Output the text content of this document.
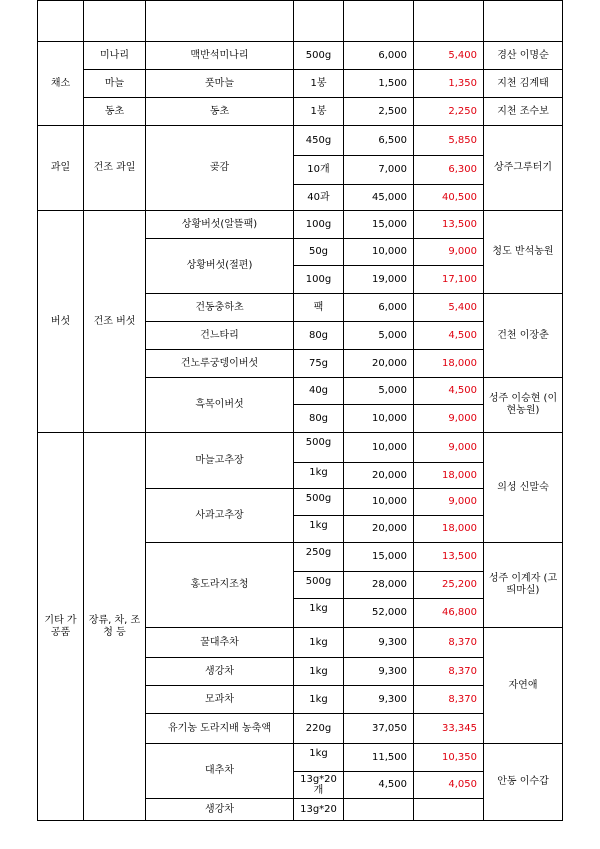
채소	미나리	맥반석미나리	500g	6,000	5,400	경산 이명순
	마늘	풋마늘	1봉	1,500	1,350	지천 김계태
	동초	동초	1봉	2,500	2,250	지천 조수보
과일	건조 과일	곶감	450g	6,500	5,850	상주그루터기
			10개	7,000	6,300	
			40과	45,000	40,500	
버섯	건조 버섯	상황버섯(알뜰팩)	100g	15,000	13,500	청도 반석농원
		상황버섯(절편)	50g	10,000	9,000	
			100g	19,000	17,100	
		건동충하초	팩	6,000	5,400	건천 이장춘
		건느타리	80g	5,000	4,500	
		건노루궁뎅이버섯	75g	20,000	18,000	
		흑목이버섯	40g	5,000	4,500	성주 이승현 (이현농원)
			80g	10,000	9,000	
기타 가공품	장류, 차, 조청 등	마늘고추장	500g	10,000	9,000	의성 신말숙
			1kg	20,000	18,000	
		사과고추장	500g	10,000	9,000	
			1kg	20,000	18,000	
		홍도라지조청	250g	15,000	13,500	성주 이계자 (고띄마실)
			500g	28,000	25,200	
			1kg	52,000	46,800	
		꿀대추차	1kg	9,300	8,370	자연애
		생강차	1kg	9,300	8,370	
		모과차	1kg	9,300	8,370	
		유기농 도라지배 농축액	220g	37,050	33,345	
		대추차	1kg	11,500	10,350	안동 이수갑
			13g*20개	4,500	4,050	
		생강차	13g*20			
